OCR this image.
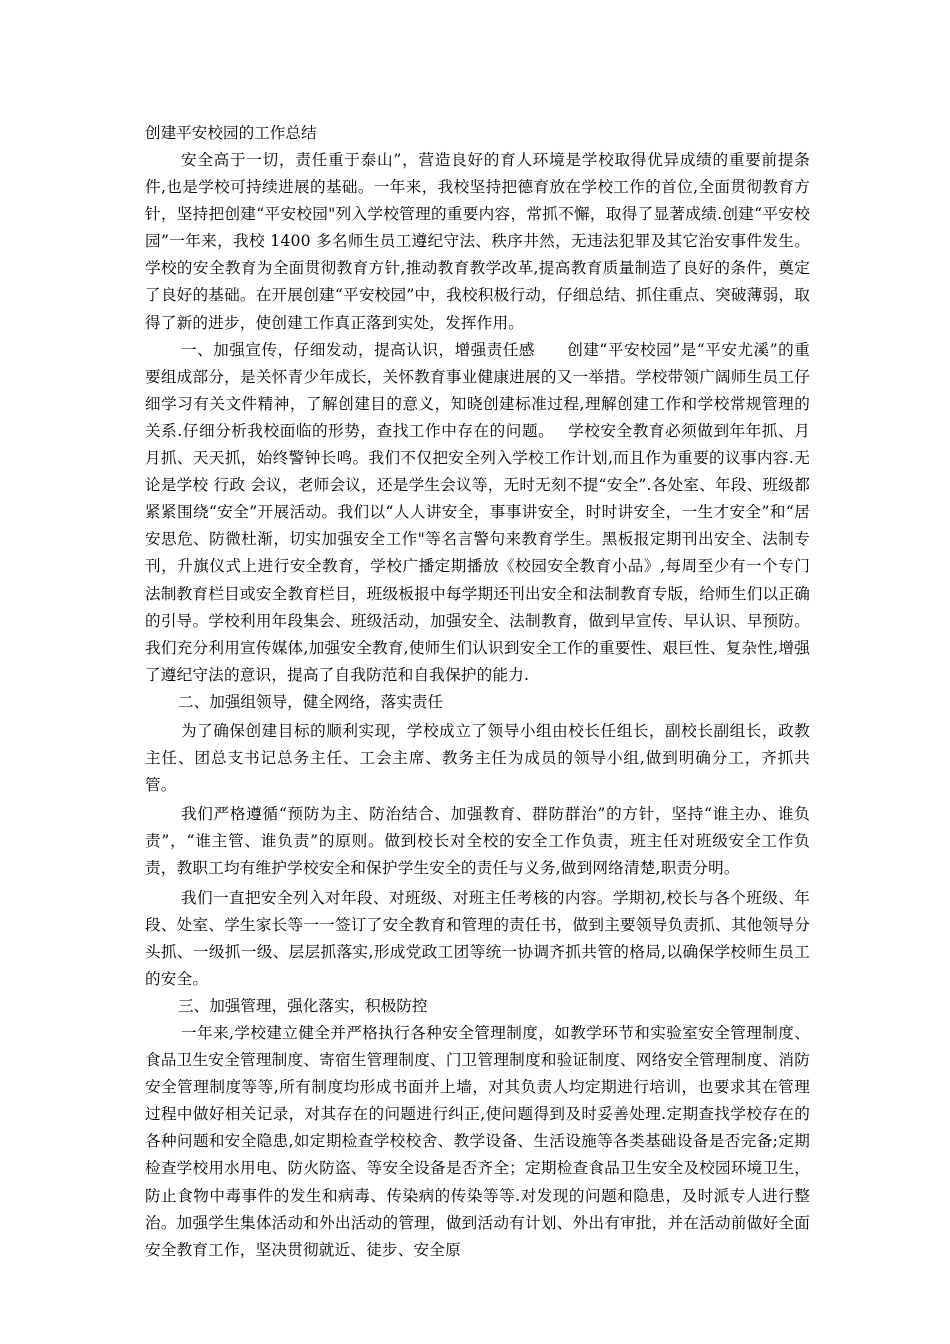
创建平安校园的工作总结

安全高于一切，责任重于泰山”，营造良好的育人环境是学校取得优异成绩的重要前提条件,也是学校可持续进展的基础。一年来，我校坚持把德育放在学校工作的首位,全面贯彻教育方针，坚持把创建“平安校园"列入学校管理的重要内容，常抓不懈，取得了显著成绩.创建“平安校园”一年来，我校 1400 多名师生员工遵纪守法、秩序井然，无违法犯罪及其它治安事件发生。学校的安全教育为全面贯彻教育方针,推动教育教学改革,提高教育质量制造了良好的条件，奠定了良好的基础。在开展创建“平安校园”中，我校积极行动，仔细总结、抓住重点、突破薄弱，取得了新的进步，使创建工作真正落到实处，发挥作用。

一、加强宣传，仔细发动，提高认识，增强责任感　　创建“平安校园”是“平安尤溪”的重要组成部分，是关怀青少年成长，关怀教育事业健康进展的又一举措。学校带领广阔师生员工仔细学习有关文件精神，了解创建目的意义，知晓创建标准过程,理解创建工作和学校常规管理的关系.仔细分析我校面临的形势，查找工作中存在的问题。　 学校安全教育必须做到年年抓、月月抓、天天抓，始终警钟长鸣。我们不仅把安全列入学校工作计划,而且作为重要的议事内容.无论是学校 行政 会议，老师会议，还是学生会议等，无时无刻不提“安全”.各处室、年段、班级都紧紧围绕“安全”开展活动。我们以“人人讲安全，事事讲安全，时时讲安全，一生才安全”和“居安思危、防微杜渐，切实加强安全工作"等名言警句来教育学生。黑板报定期刊出安全、法制专刊，升旗仪式上进行安全教育，学校广播定期播放《校园安全教育小品》,每周至少有一个专门法制教育栏目或安全教育栏目，班级板报中每学期还刊出安全和法制教育专版，给师生们以正确的引导。学校利用年段集会、班级活动，加强安全、法制教育，做到早宣传、早认识、早预防。我们充分利用宣传媒体,加强安全教育,使师生们认识到安全工作的重要性、艰巨性、复杂性,增强了遵纪守法的意识，提高了自我防范和自我保护的能力.

二、加强组领导，健全网络，落实责任

为了确保创建目标的顺利实现，学校成立了领导小组由校长任组长，副校长副组长，政教主任、团总支书记总务主任、工会主席、教务主任为成员的领导小组,做到明确分工，齐抓共管。

我们严格遵循“预防为主、防治结合、加强教育、群防群治”的方针，坚持“谁主办、谁负责”，“谁主管、谁负责”的原则。做到校长对全校的安全工作负责，班主任对班级安全工作负责，教职工均有维护学校安全和保护学生安全的责任与义务,做到网络清楚,职责分明。

我们一直把安全列入对年段、对班级、对班主任考核的内容。学期初,校长与各个班级、年段、处室、学生家长等一一签订了安全教育和管理的责任书，做到主要领导负责抓、其他领导分头抓、一级抓一级、层层抓落实,形成党政工团等统一协调齐抓共管的格局,以确保学校师生员工的安全。

三、加强管理，强化落实，积极防控

一年来,学校建立健全并严格执行各种安全管理制度，如教学环节和实验室安全管理制度、食品卫生安全管理制度、寄宿生管理制度、门卫管理制度和验证制度、网络安全管理制度、消防安全管理制度等等,所有制度均形成书面并上墙，对其负责人均定期进行培训，也要求其在管理过程中做好相关记录，对其存在的问题进行纠正,使问题得到及时妥善处理.定期查找学校存在的各种问题和安全隐患,如定期检查学校校舍、教学设备、生活设施等各类基础设备是否完备;定期检查学校用水用电、防火防盗、等安全设备是否齐全；定期检查食品卫生安全及校园环境卫生，防止食物中毒事件的发生和病毒、传染病的传染等等.对发现的问题和隐患，及时派专人进行整治。加强学生集体活动和外出活动的管理，做到活动有计划、外出有审批，并在活动前做好全面安全教育工作，坚决贯彻就近、徒步、安全原
